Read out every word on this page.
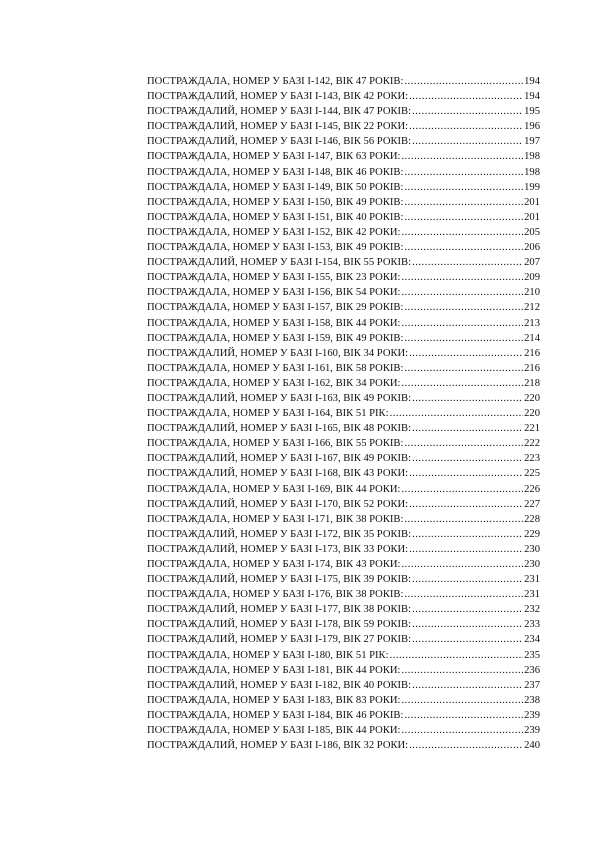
ПОСТРАЖДАЛА, НОМЕР У БАЗІ І-142, ВІК 47 РОКІВ: .....	194
ПОСТРАЖДАЛИЙ, НОМЕР У БАЗІ І-143, ВІК 42 РОКИ: .....	194
ПОСТРАЖДАЛИЙ, НОМЕР У БАЗІ І-144, ВІК 47 РОКІВ: .....	195
ПОСТРАЖДАЛИЙ, НОМЕР У БАЗІ І-145, ВІК 22 РОКИ: .....	196
ПОСТРАЖДАЛИЙ, НОМЕР У БАЗІ І-146, ВІК 56 РОКІВ: .....	197
ПОСТРАЖДАЛА, НОМЕР У БАЗІ І-147, ВІК 63 РОКИ: .....	198
ПОСТРАЖДАЛА, НОМЕР У БАЗІ І-148, ВІК 46 РОКІВ: .....	198
ПОСТРАЖДАЛА, НОМЕР У БАЗІ І-149, ВІК 50 РОКІВ: .....	199
ПОСТРАЖДАЛА, НОМЕР У БАЗІ І-150, ВІК 49 РОКІВ: .....	201
ПОСТРАЖДАЛА, НОМЕР У БАЗІ І-151, ВІК 40 РОКІВ: .....	201
ПОСТРАЖДАЛА, НОМЕР У БАЗІ І-152, ВІК 42 РОКИ: .....	205
ПОСТРАЖДАЛА, НОМЕР У БАЗІ І-153, ВІК 49 РОКІВ: .....	206
ПОСТРАЖДАЛИЙ, НОМЕР У БАЗІ І-154, ВІК 55 РОКІВ: .....	207
ПОСТРАЖДАЛА, НОМЕР У БАЗІ І-155, ВІК 23 РОКИ: .....	209
ПОСТРАЖДАЛА, НОМЕР У БАЗІ І-156, ВІК 54 РОКИ: .....	210
ПОСТРАЖДАЛА, НОМЕР У БАЗІ І-157, ВІК 29 РОКІВ: .....	212
ПОСТРАЖДАЛА, НОМЕР У БАЗІ І-158, ВІК 44 РОКИ: .....	213
ПОСТРАЖДАЛА, НОМЕР У БАЗІ І-159, ВІК 49 РОКІВ: .....	214
ПОСТРАЖДАЛИЙ, НОМЕР У БАЗІ І-160, ВІК 34 РОКИ: .....	216
ПОСТРАЖДАЛА, НОМЕР У БАЗІ І-161, ВІК 58 РОКІВ: .....	216
ПОСТРАЖДАЛА, НОМЕР У БАЗІ І-162, ВІК 34 РОКИ: .....	218
ПОСТРАЖДАЛИЙ, НОМЕР У БАЗІ І-163, ВІК 49 РОКІВ: .....	220
ПОСТРАЖДАЛА, НОМЕР У БАЗІ І-164, ВІК 51 РІК: .....	220
ПОСТРАЖДАЛИЙ, НОМЕР У БАЗІ І-165, ВІК 48 РОКІВ: .....	221
ПОСТРАЖДАЛА, НОМЕР У БАЗІ І-166, ВІК 55 РОКІВ: .....	222
ПОСТРАЖДАЛИЙ, НОМЕР У БАЗІ І-167, ВІК 49 РОКІВ: .....	223
ПОСТРАЖДАЛИЙ, НОМЕР У БАЗІ І-168, ВІК 43 РОКИ: .....	225
ПОСТРАЖДАЛА, НОМЕР У БАЗІ І-169, ВІК 44 РОКИ: .....	226
ПОСТРАЖДАЛИЙ, НОМЕР У БАЗІ І-170, ВІК 52 РОКИ: .....	227
ПОСТРАЖДАЛА, НОМЕР У БАЗІ І-171, ВІК 38 РОКІВ: .....	228
ПОСТРАЖДАЛИЙ, НОМЕР У БАЗІ І-172, ВІК 35 РОКІВ: .....	229
ПОСТРАЖДАЛИЙ, НОМЕР У БАЗІ І-173, ВІК 33 РОКИ: .....	230
ПОСТРАЖДАЛА, НОМЕР У БАЗІ І-174, ВІК 43 РОКИ: .....	230
ПОСТРАЖДАЛИЙ, НОМЕР У БАЗІ І-175, ВІК 39 РОКІВ: .....	231
ПОСТРАЖДАЛА, НОМЕР У БАЗІ І-176, ВІК 38 РОКІВ: .....	231
ПОСТРАЖДАЛИЙ, НОМЕР У БАЗІ І-177, ВІК 38 РОКІВ: .....	232
ПОСТРАЖДАЛИЙ, НОМЕР У БАЗІ І-178, ВІК 59 РОКІВ: .....	233
ПОСТРАЖДАЛИЙ, НОМЕР У БАЗІ І-179, ВІК 27 РОКІВ: .....	234
ПОСТРАЖДАЛА, НОМЕР У БАЗІ І-180, ВІК 51 РІК: .....	235
ПОСТРАЖДАЛА, НОМЕР У БАЗІ І-181, ВІК 44 РОКИ: .....	236
ПОСТРАЖДАЛИЙ, НОМЕР У БАЗІ І-182, ВІК 40 РОКІВ: .....	237
ПОСТРАЖДАЛА, НОМЕР У БАЗІ І-183, ВІК 83 РОКИ: .....	238
ПОСТРАЖДАЛА, НОМЕР У БАЗІ І-184, ВІК 46 РОКІВ: .....	239
ПОСТРАЖДАЛА, НОМЕР У БАЗІ І-185, ВІК 44 РОКИ: .....	239
ПОСТРАЖДАЛИЙ, НОМЕР У БАЗІ І-186, ВІК 32 РОКИ: .....	240
